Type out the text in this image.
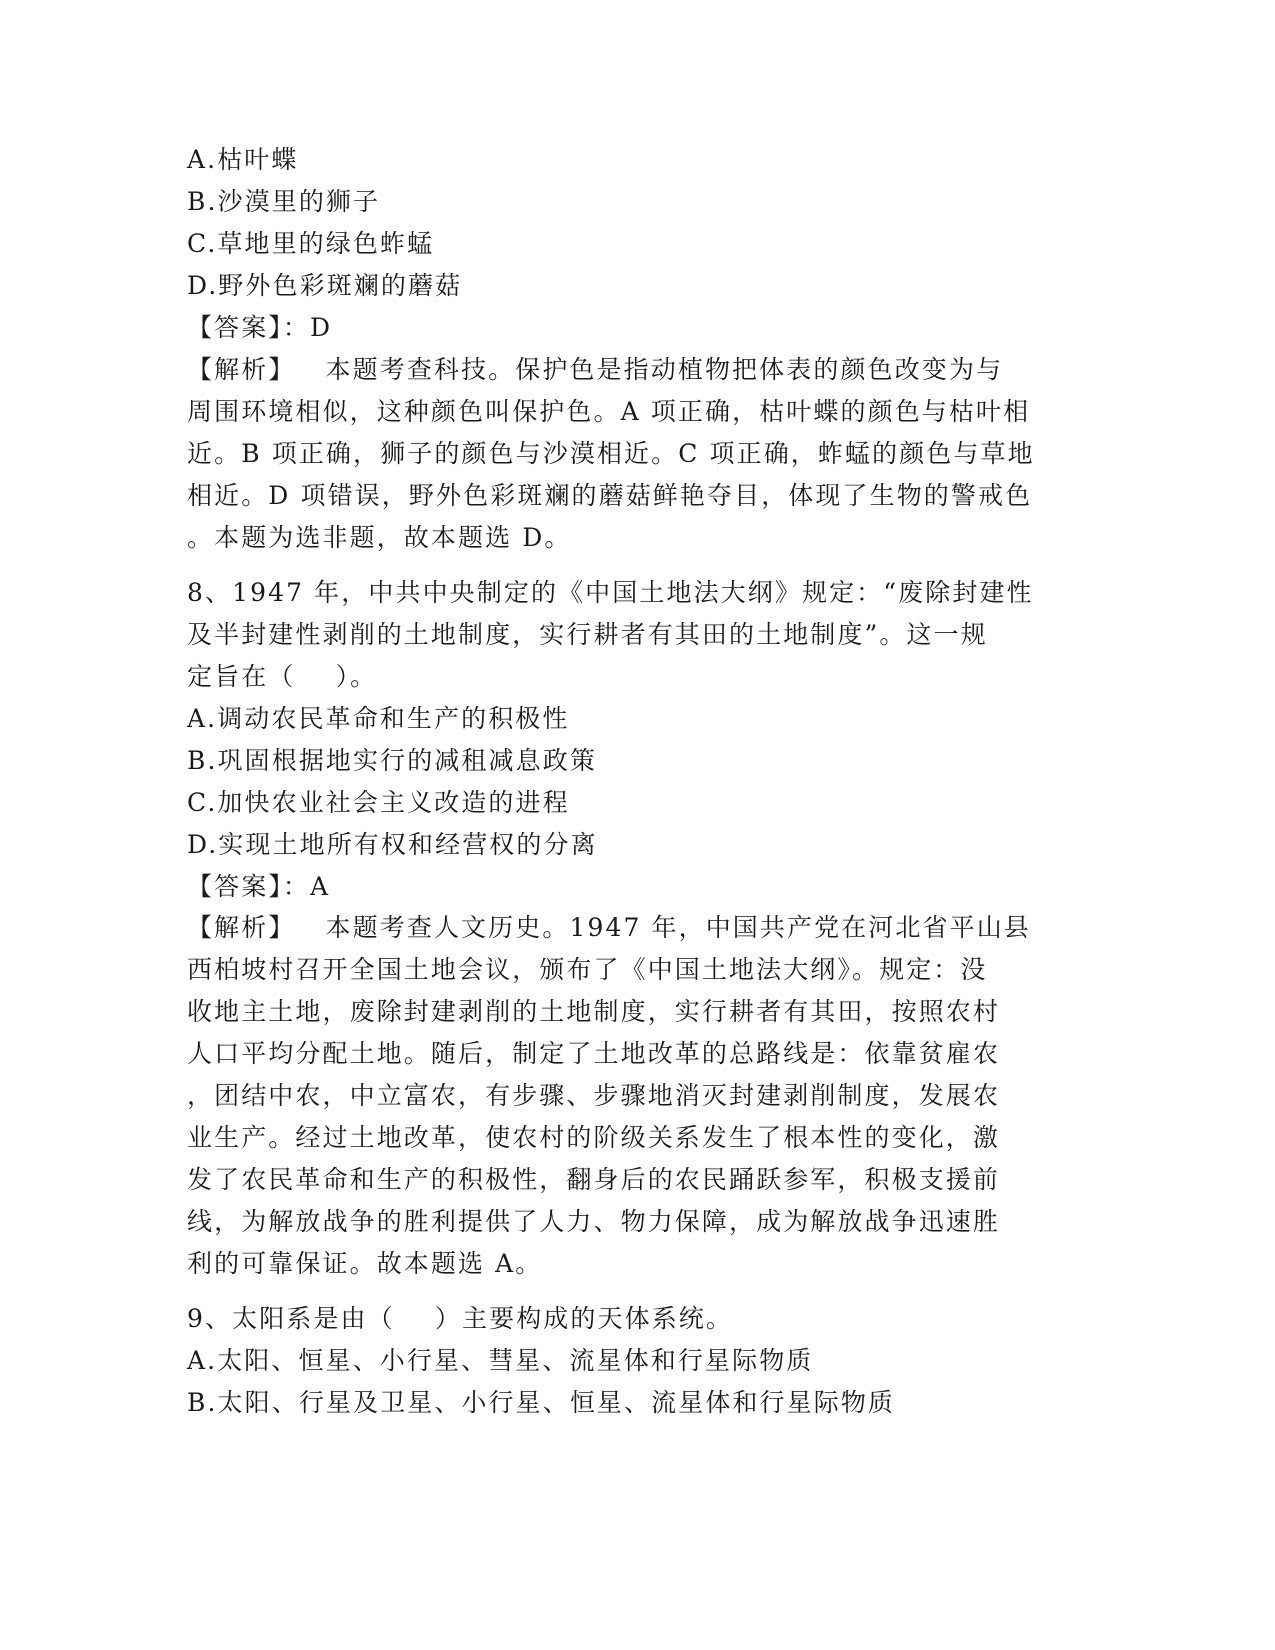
A.枯叶蝶
B.沙漠里的狮子
C.草地里的绿色蚱蜢
D.野外色彩斑斓的蘑菇
【答案】：D
【解析】   本题考查科技。保护色是指动植物把体表的颜色改变为与
周围环境相似，这种颜色叫保护色。A 项正确，枯叶蝶的颜色与枯叶相
近。B 项正确，狮子的颜色与沙漠相近。C 项正确，蚱蜢的颜色与草地
相近。D 项错误，野外色彩斑斓的蘑菇鲜艳夺目，体现了生物的警戒色
。本题为选非题，故本题选 D。
8、1947 年，中共中央制定的《中国土地法大纲》规定：“废除封建性
及半封建性剥削的土地制度，实行耕者有其田的土地制度”。这一规
定旨在（    ）。
A.调动农民革命和生产的积极性
B.巩固根据地实行的减租减息政策
C.加快农业社会主义改造的进程
D.实现土地所有权和经营权的分离
【答案】：A
【解析】   本题考查人文历史。1947 年，中国共产党在河北省平山县
西柏坡村召开全国土地会议，颁布了《中国土地法大纲》。规定：没
收地主土地，废除封建剥削的土地制度，实行耕者有其田，按照农村
人口平均分配土地。随后，制定了土地改革的总路线是：依靠贫雇农
，团结中农，中立富农，有步骤、步骤地消灭封建剥削制度，发展农
业生产。经过土地改革，使农村的阶级关系发生了根本性的变化，激
发了农民革命和生产的积极性，翻身后的农民踊跃参军，积极支援前
线，为解放战争的胜利提供了人力、物力保障，成为解放战争迅速胜
利的可靠保证。故本题选 A。
9、太阳系是由（    ）主要构成的天体系统。
A.太阳、恒星、小行星、彗星、流星体和行星际物质
B.太阳、行星及卫星、小行星、恒星、流星体和行星际物质
